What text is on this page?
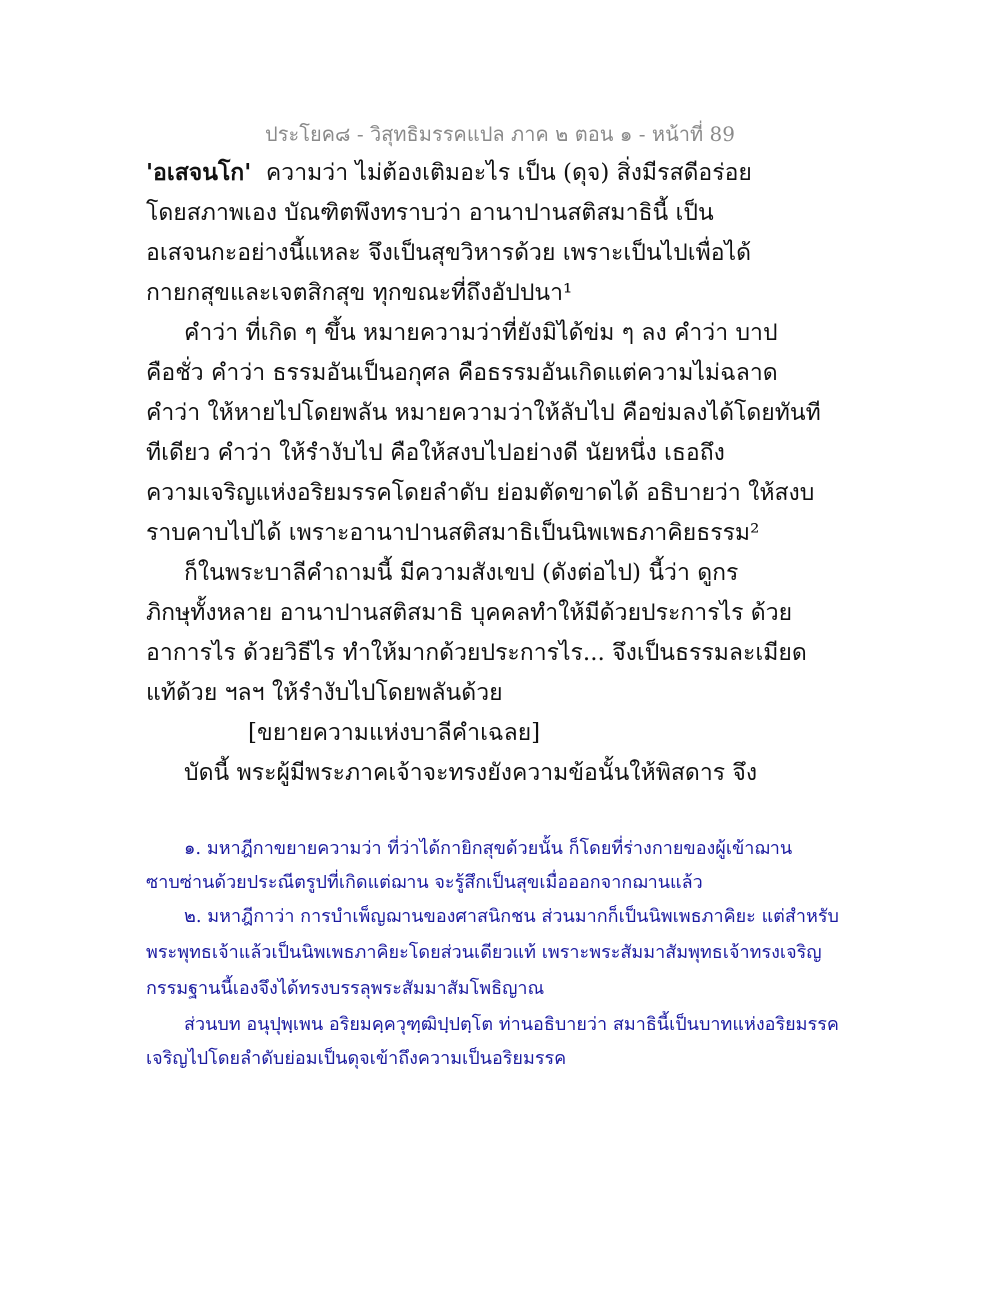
ประโยค๘ - วิสุทธิมรรคแปล ภาค ๒ ตอน ๑ - หน้าที่ 89
'อเสจนโก' ความว่า ไม่ต้องเติมอะไร เป็น (ดุจ) สิ่งมีรสดีอร่อย
โดยสภาพเอง บัณฑิตพึงทราบว่า อานาปานสติสมาธินี้ เป็น
อเสจนกะอย่างนี้แหละ จึงเป็นสุขวิหารด้วย เพราะเป็นไปเพื่อได้
กายกสุขและเจตสิกสุข ทุกขณะที่ถึงอัปปนา¹
คำว่า ที่เกิด ๆ ขึ้น หมายความว่าที่ยังมิได้ข่ม ๆ ลง คำว่า บาป
คือชั่ว คำว่า ธรรมอันเป็นอกุศล คือธรรมอันเกิดแต่ความไม่ฉลาด
คำว่า ให้หายไปโดยพลัน หมายความว่าให้ลับไป คือข่มลงได้โดยทันที
ทีเดียว คำว่า ให้รำงับไป คือให้สงบไปอย่างดี นัยหนึ่ง เธอถึง
ความเจริญแห่งอริยมรรคโดยลำดับ ย่อมตัดขาดได้ อธิบายว่า ให้สงบ
ราบคาบไปได้ เพราะอานาปานสติสมาธิเป็นนิพเพธภาคิยธรรม²
ก็ในพระบาลีคำถามนี้ มีความสังเขป (ดังต่อไป) นี้ว่า ดูกร
ภิกษุทั้งหลาย อานาปานสติสมาธิ บุคคลทำให้มีด้วยประการไร ด้วย
อาการไร ด้วยวิธีไร ทำให้มากด้วยประการไร... จึงเป็นธรรมละเมียด
แท้ด้วย ฯลฯ ให้รำงับไปโดยพลันด้วย
[ขยายความแห่งบาลีคำเฉลย]
บัดนี้ พระผู้มีพระภาคเจ้าจะทรงยังความข้อนั้นให้พิสดาร จึง
๑. มหาฎีกาขยายความว่า ที่ว่าได้กายิกสุขด้วยนั้น ก็โดยที่ร่างกายของผู้เข้าฌาน
ซาบซ่านด้วยประณีตรูปที่เกิดแต่ฌาน จะรู้สึกเป็นสุขเมื่อออกจากฌานแล้ว
๒. มหาฎีกาว่า การบำเพ็ญฌานของศาสนิกชน ส่วนมากก็เป็นนิพเพธภาคิยะ แต่สำหรับ
พระพุทธเจ้าแล้วเป็นนิพเพธภาคิยะโดยส่วนเดียวแท้ เพราะพระสัมมาสัมพุทธเจ้าทรงเจริญ
กรรมฐานนี้เองจึงได้ทรงบรรลุพระสัมมาสัมโพธิญาณ
ส่วนบท อนุปุพฺเพน อริยมคฺควุฑฺฒิปฺปตฺโต ท่านอธิบายว่า สมาธินี้เป็นบาทแห่งอริยมรรค
เจริญไปโดยลำดับย่อมเป็นดุจเข้าถึงความเป็นอริยมรรค
